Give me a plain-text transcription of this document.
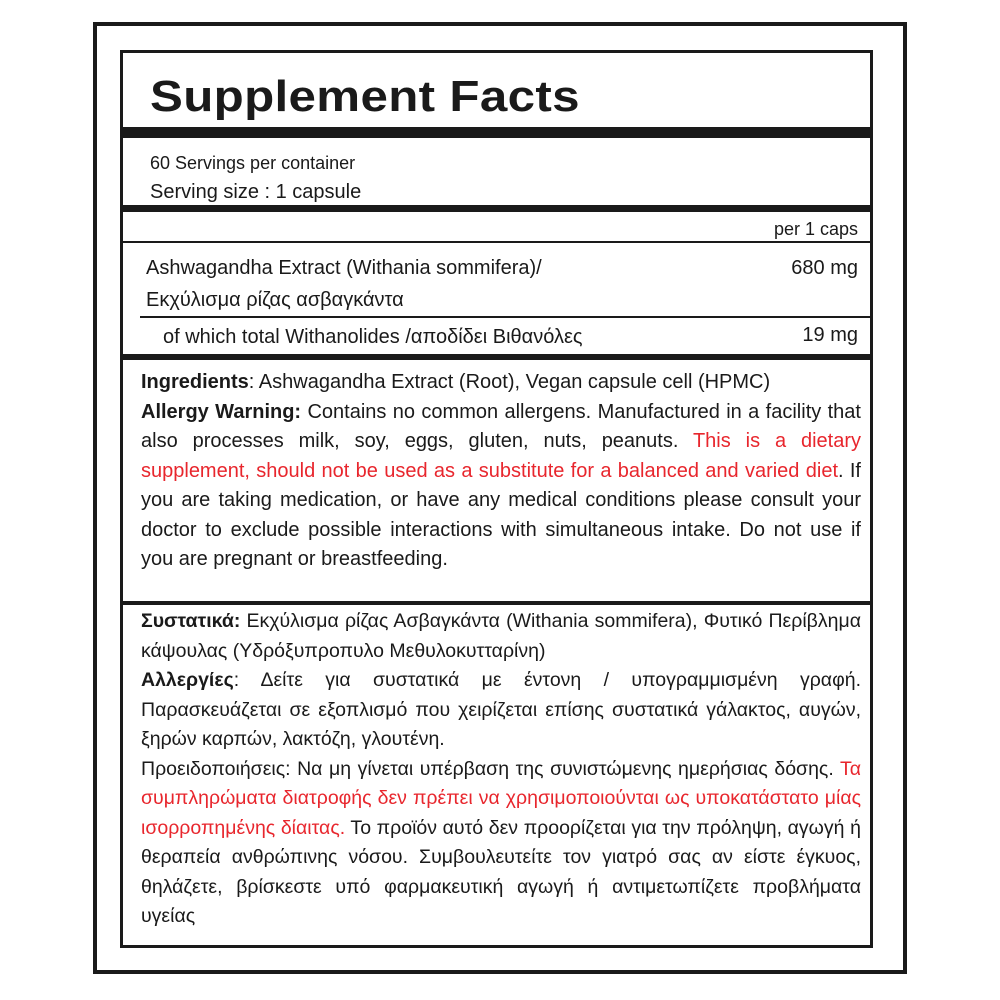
Supplement Facts
60 Servings per container
Serving size : 1 capsule
per 1 caps
Ashwagandha Extract (Withania sommifera)/	680 mg
Εκχύλισμα ρίζας ασβαγκάντα
of which total Withanolides /αποδίδει Βιθανόλες	19 mg

Ingredients: Ashwagandha Extract (Root), Vegan capsule cell (HPMC)

Allergy Warning: Contains no common allergens. Manufactured in a facility that also processes milk, soy, eggs, gluten, nuts, peanuts. This is a dietary supplement, should not be used as a substitute for a balanced and varied diet. If you are taking medication, or have any medical conditions please consult your doctor to exclude possible interactions with simultaneous intake. Do not use if you are pregnant or breastfeeding.

Συστατικά: Εκχύλισμα ρίζας Ασβαγκάντα (Withania sommifera), Φυτικό Περίβλημα κάψουλας (Υδρόξυπροπυλο Μεθυλοκυτταρίνη)

Αλλεργίες: Δείτε για συστατικά με έντονη / υπογραμμισμένη γραφή. Παρασκευάζεται σε εξοπλισμό που χειρίζεται επίσης συστατικά γάλακτος, αυγών, ξηρών καρπών, λακτόζη, γλουτένη.

Προειδοποιήσεις: Να μη γίνεται υπέρβαση της συνιστώμενης ημερήσιας δόσης. Τα συμπληρώματα διατροφής δεν πρέπει να χρησιμοποιούνται ως υποκατάστατο μίας ισορροπημένης δίαιτας. Το προϊόν αυτό δεν προορίζεται για την πρόληψη, αγωγή ή θεραπεία ανθρώπινης νόσου. Συμβουλευτείτε τον γιατρό σας αν είστε έγκυος, θηλάζετε, βρίσκεστε υπό φαρμακευτική αγωγή ή αντιμετωπίζετε προβλήματα υγείας
